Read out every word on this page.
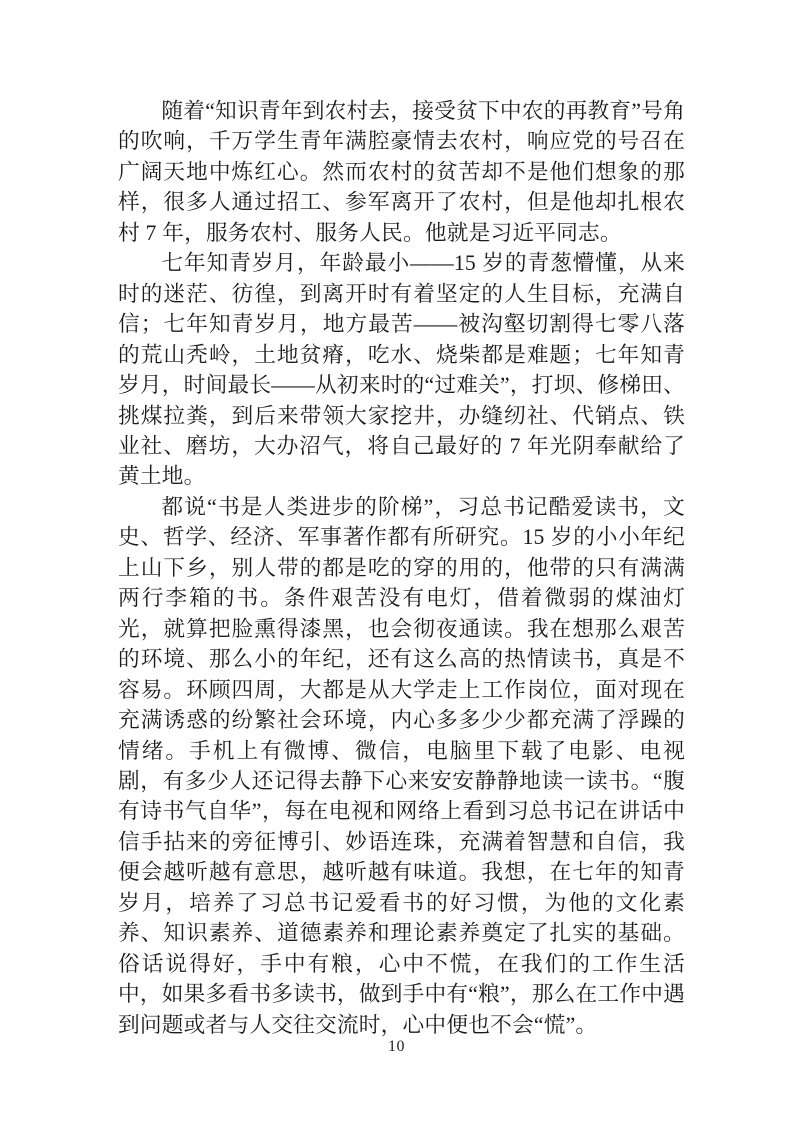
随着“知识青年到农村去，接受贫下中农的再教育”号角的吹响，千万学生青年满腔豪情去农村，响应党的号召在广阔天地中炼红心。然而农村的贫苦却不是他们想象的那样，很多人通过招工、参军离开了农村，但是他却扎根农村 7 年，服务农村、服务人民。他就是习近平同志。

七年知青岁月，年龄最小——15 岁的青葱懵懂，从来时的迷茫、彷徨，到离开时有着坚定的人生目标，充满自信；七年知青岁月，地方最苦——被沟壑切割得七零八落的荒山秃岭，土地贫瘠，吃水、烧柴都是难题；七年知青岁月，时间最长——从初来时的“过难关”，打坝、修梯田、挑煤拉粪，到后来带领大家挖井，办缝纫社、代销点、铁业社、磨坊，大办沼气，将自己最好的 7 年光阴奉献给了黄土地。

都说“书是人类进步的阶梯”，习总书记酷爱读书，文史、哲学、经济、军事著作都有所研究。15 岁的小小年纪上山下乡，别人带的都是吃的穿的用的，他带的只有满满两行李箱的书。条件艰苦没有电灯，借着微弱的煤油灯光，就算把脸熏得漆黑，也会彻夜通读。我在想那么艰苦的环境、那么小的年纪，还有这么高的热情读书，真是不容易。环顾四周，大都是从大学走上工作岗位，面对现在充满诱惑的纷繁社会环境，内心多多少少都充满了浮躁的情绪。手机上有微博、微信，电脑里下载了电影、电视剧，有多少人还记得去静下心来安安静静地读一读书。“腹有诗书气自华”，每在电视和网络上看到习总书记在讲话中信手拈来的旁征博引、妙语连珠，充满着智慧和自信，我便会越听越有意思，越听越有味道。我想，在七年的知青岁月，培养了习总书记爱看书的好习惯，为他的文化素养、知识素养、道德素养和理论素养奠定了扎实的基础。俗话说得好，手中有粮，心中不慌，在我们的工作生活中，如果多看书多读书，做到手中有“粮”，那么在工作中遇到问题或者与人交往交流时，心中便也不会“慌”。

10
